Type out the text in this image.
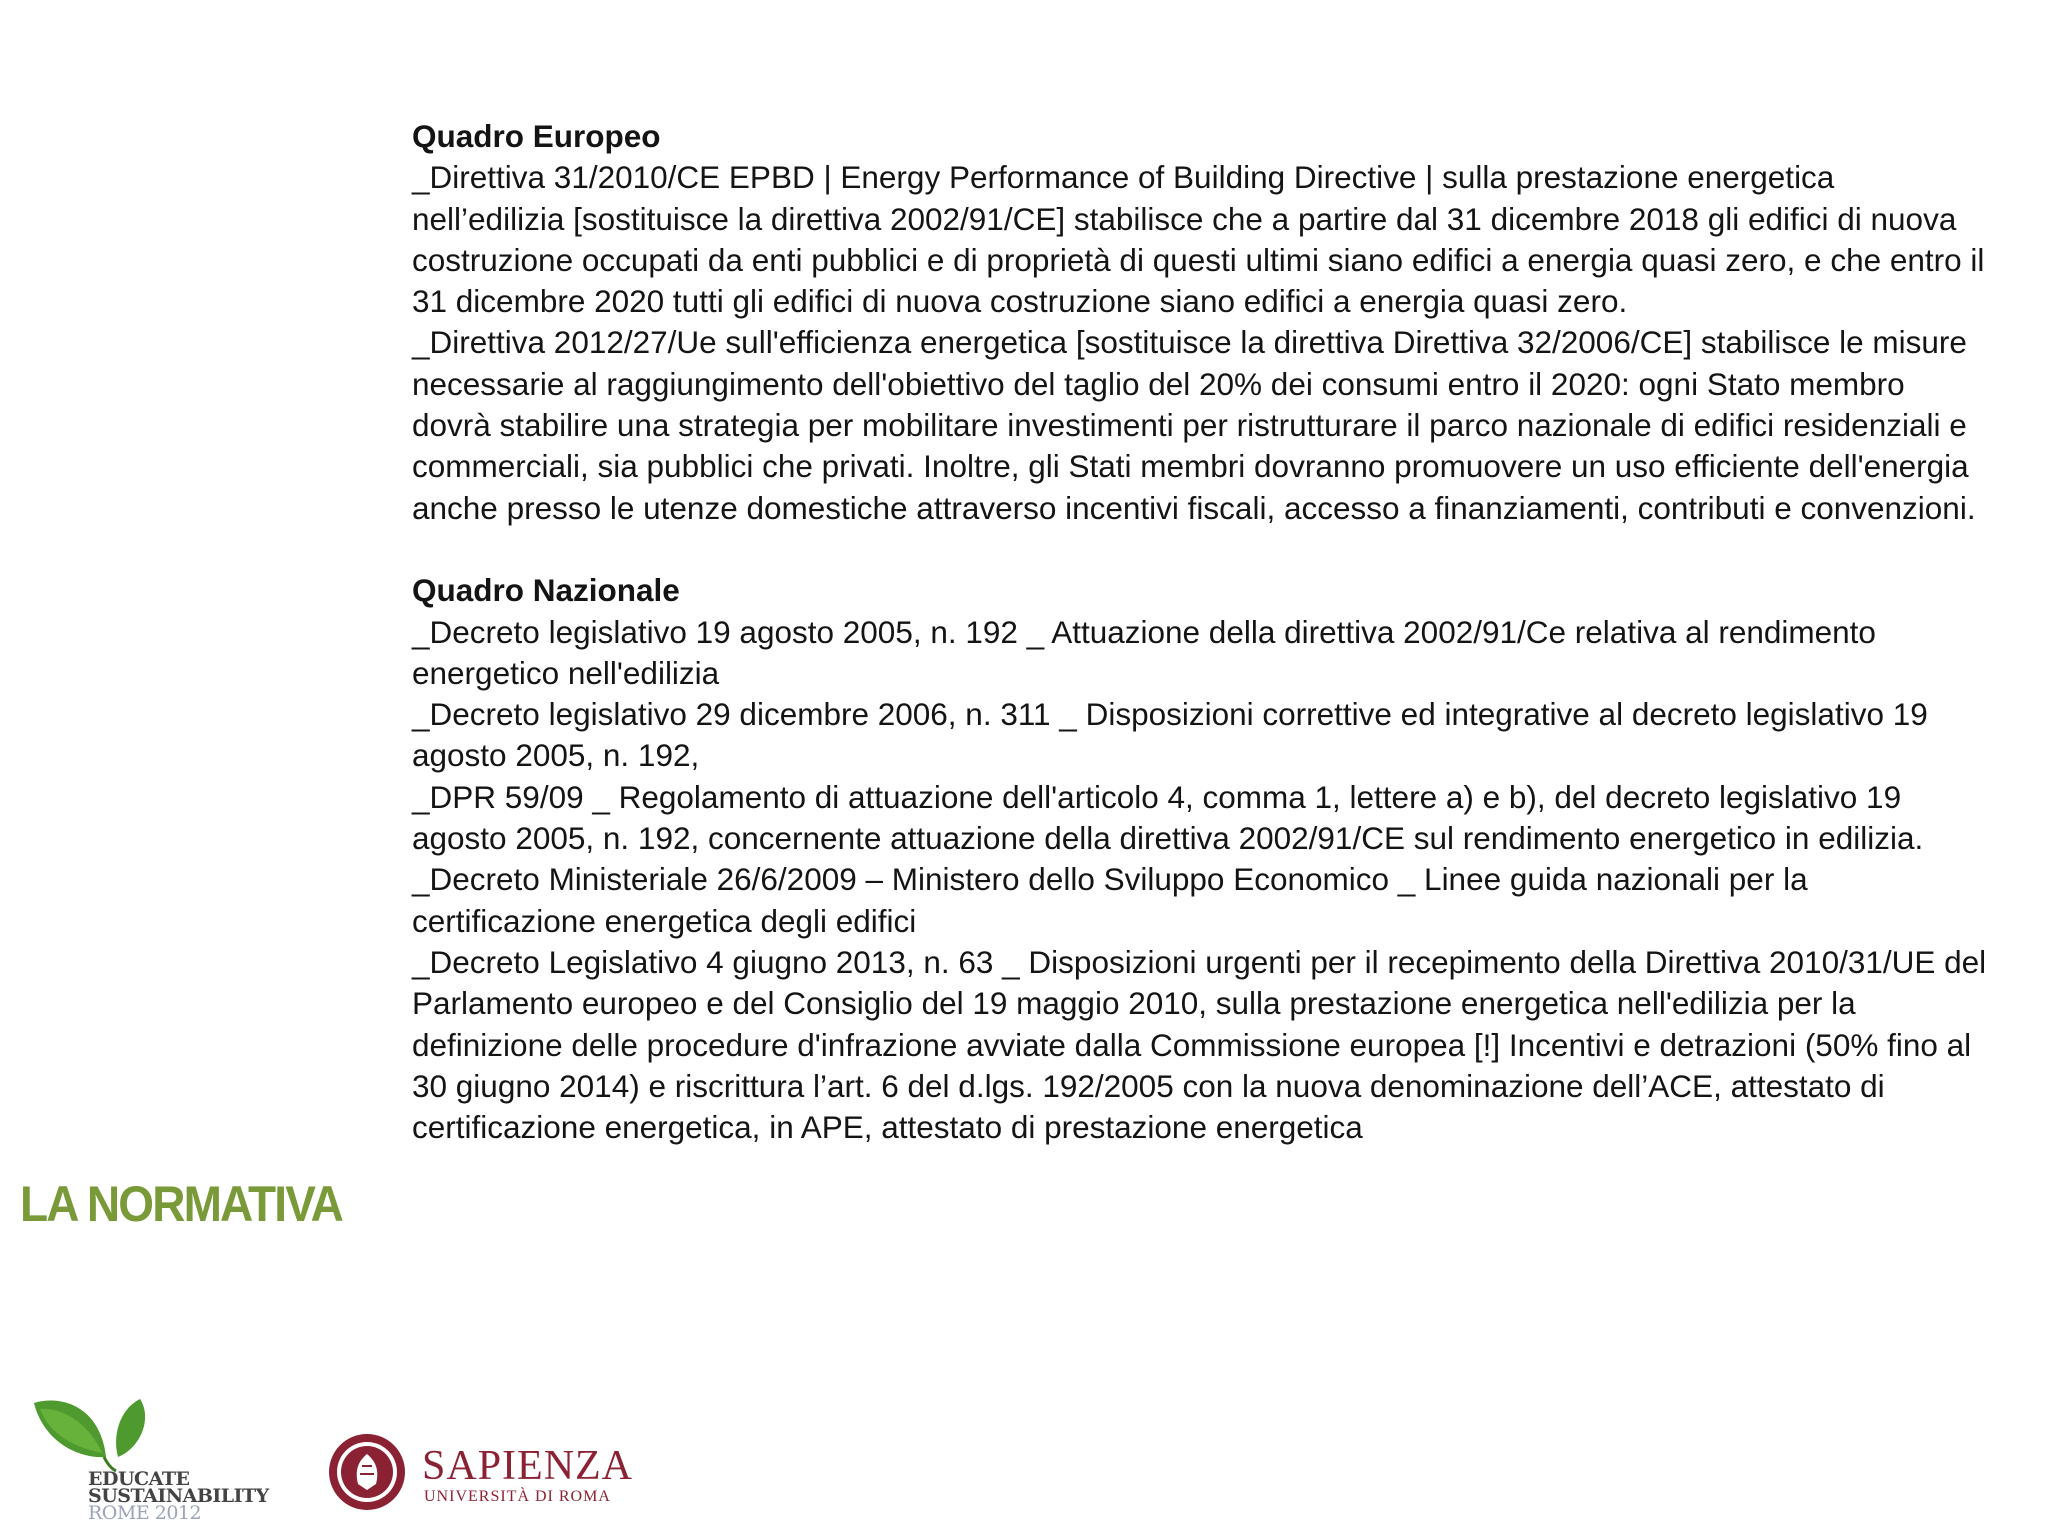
Quadro Europeo

_Direttiva 31/2010/CE EPBD | Energy Performance of Building Directive | sulla prestazione energetica nell’edilizia [sostituisce la direttiva 2002/91/CE] stabilisce che a partire dal 31 dicembre 2018 gli edifici di nuova costruzione occupati da enti pubblici e di proprietà di questi ultimi siano edifici a energia quasi zero, e che entro il 31 dicembre 2020 tutti gli edifici di nuova costruzione siano edifici a energia quasi zero.

_Direttiva 2012/27/Ue sull'efficienza energetica [sostituisce la direttiva Direttiva 32/2006/CE] stabilisce le misure necessarie al raggiungimento dell'obiettivo del taglio del 20% dei consumi entro il 2020: ogni Stato membro dovrà stabilire una strategia per mobilitare investimenti per ristrutturare il parco nazionale di edifici residenziali e commerciali, sia pubblici che privati. Inoltre, gli Stati membri dovranno promuovere un uso efficiente dell'energia anche presso le utenze domestiche attraverso incentivi fiscali, accesso a finanziamenti, contributi e convenzioni.

Quadro Nazionale

_Decreto legislativo 19 agosto 2005, n. 192 _ Attuazione della direttiva 2002/91/Ce relativa al rendimento energetico nell'edilizia

_Decreto legislativo 29 dicembre 2006, n. 311 _ Disposizioni correttive ed integrative al decreto legislativo 19 agosto 2005, n. 192,

_DPR 59/09 _ Regolamento di attuazione dell'articolo 4, comma 1, lettere a) e b), del decreto legislativo 19 agosto 2005, n. 192, concernente attuazione della direttiva 2002/91/CE sul rendimento energetico in edilizia.

_Decreto Ministeriale 26/6/2009 – Ministero dello Sviluppo Economico _ Linee guida nazionali per la certificazione energetica degli edifici

_Decreto Legislativo 4 giugno 2013, n. 63 _ Disposizioni urgenti per il recepimento della Direttiva 2010/31/UE del Parlamento europeo e del Consiglio del 19 maggio 2010, sulla prestazione energetica nell'edilizia per la definizione delle procedure d'infrazione avviate dalla Commissione europea [!] Incentivi e detrazioni (50% fino al 30 giugno 2014) e riscrittura l’art. 6 del d.lgs. 192/2005 con la nuova denominazione dell’ACE, attestato di certificazione energetica, in APE, attestato di prestazione energetica

LA NORMATIVA
EDUCATE
SUSTAINABILITY
ROME 2012
SAPIENZA
UNIVERSITÀ DI ROMA
